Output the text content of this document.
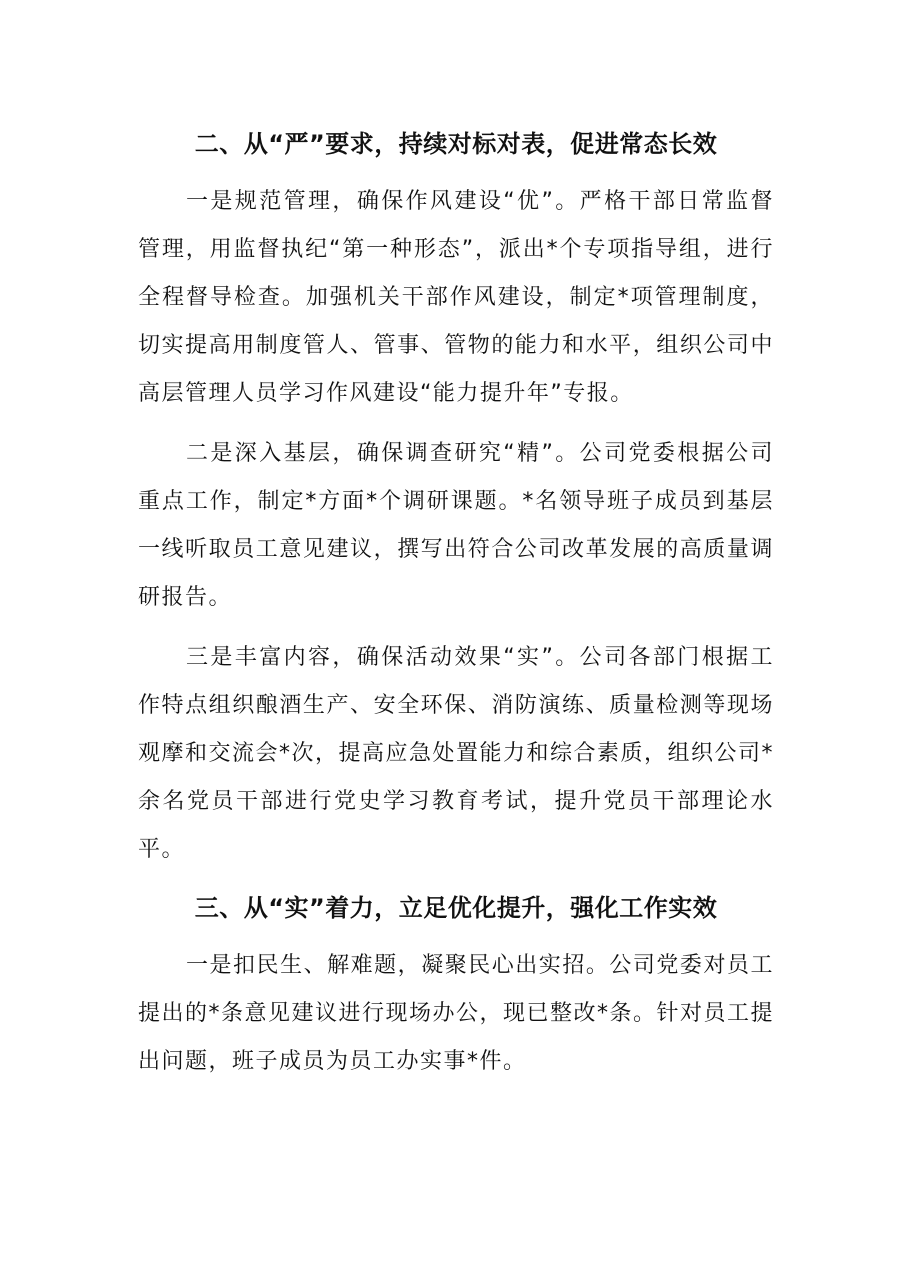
二、从“严”要求，持续对标对表，促进常态长效

一是规范管理，确保作风建设“优”。严格干部日常监督管理，用监督执纪“第一种形态”，派出*个专项指导组，进行全程督导检查。加强机关干部作风建设，制定*项管理制度，切实提高用制度管人、管事、管物的能力和水平，组织公司中高层管理人员学习作风建设“能力提升年”专报。

二是深入基层，确保调查研究“精”。公司党委根据公司重点工作，制定*方面*个调研课题。*名领导班子成员到基层一线听取员工意见建议，撰写出符合公司改革发展的高质量调研报告。

三是丰富内容，确保活动效果“实”。公司各部门根据工作特点组织酿酒生产、安全环保、消防演练、质量检测等现场观摩和交流会*次，提高应急处置能力和综合素质，组织公司*余名党员干部进行党史学习教育考试，提升党员干部理论水平。

三、从“实”着力，立足优化提升，强化工作实效

一是扣民生、解难题，凝聚民心出实招。公司党委对员工提出的*条意见建议进行现场办公，现已整改*条。针对员工提出问题，班子成员为员工办实事*件。
